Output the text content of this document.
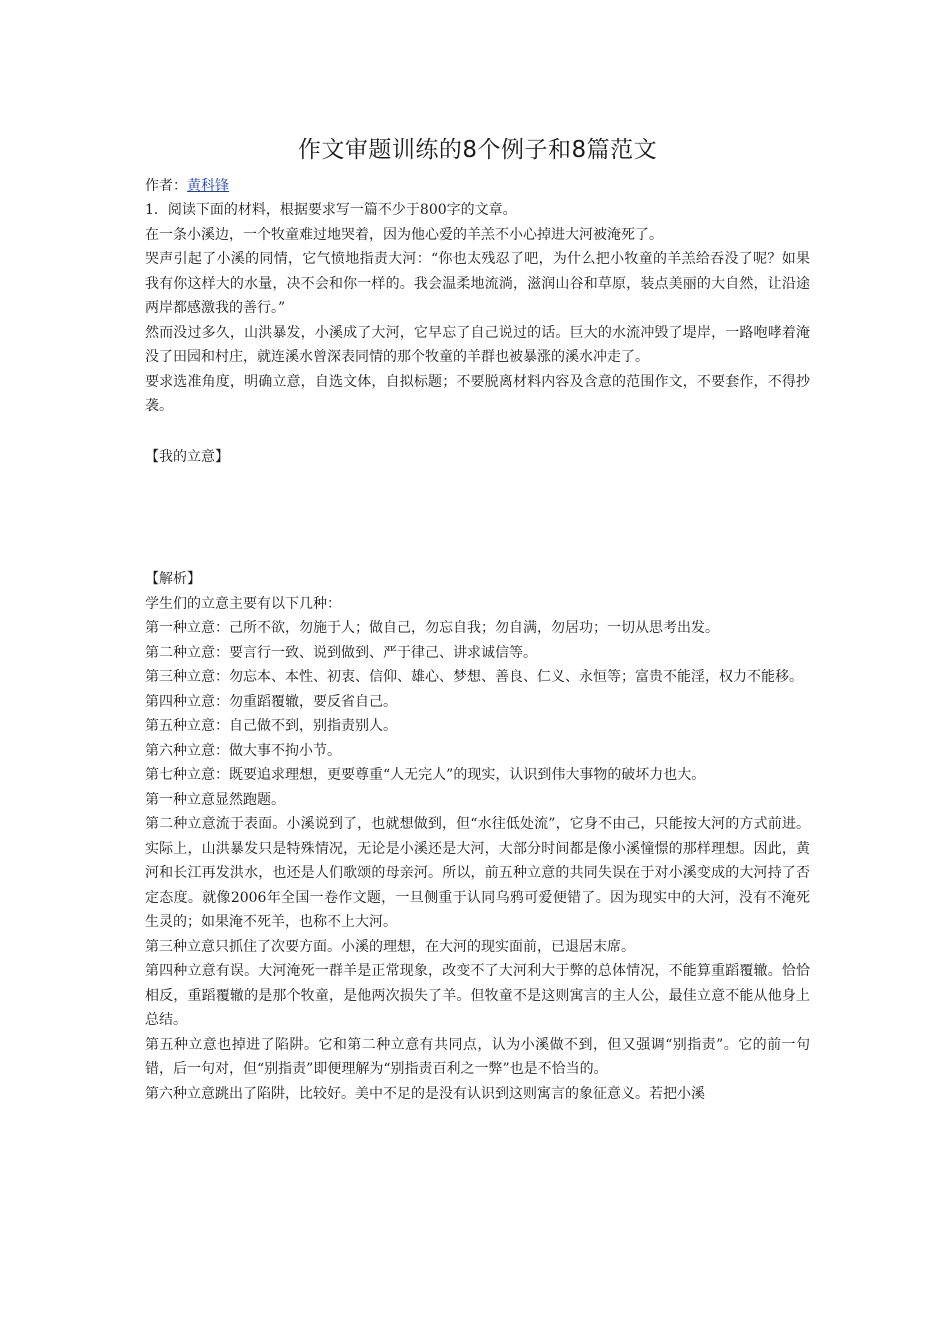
作文审题训练的8个例子和8篇范文
作者：黄科锋

1．阅读下面的材料，根据要求写一篇不少于800字的文章。

在一条小溪边，一个牧童难过地哭着，因为他心爱的羊羔不小心掉进大河被淹死了。

哭声引起了小溪的同情，它气愤地指责大河：“你也太残忍了吧，为什么把小牧童的羊羔给吞没了呢？如果我有你这样大的水量，决不会和你一样的。我会温柔地流淌，滋润山谷和草原，装点美丽的大自然，让沿途两岸都感激我的善行。”

然而没过多久，山洪暴发，小溪成了大河，它早忘了自己说过的话。巨大的水流冲毁了堤岸，一路咆哮着淹没了田园和村庄，就连溪水曾深表同情的那个牧童的羊群也被暴涨的溪水冲走了。

要求选准角度，明确立意，自选文体，自拟标题；不要脱离材料内容及含意的范围作文，不要套作，不得抄袭。

【我的立意】

【解析】

学生们的立意主要有以下几种：

第一种立意：己所不欲，勿施于人；做自己，勿忘自我；勿自满，勿居功；一切从思考出发。

第二种立意：要言行一致、说到做到、严于律己、讲求诚信等。

第三种立意：勿忘本、本性、初衷、信仰、雄心、梦想、善良、仁义、永恒等；富贵不能淫，权力不能移。

第四种立意：勿重蹈覆辙，要反省自己。

第五种立意：自己做不到，别指责别人。

第六种立意：做大事不拘小节。

第七种立意：既要追求理想，更要尊重“人无完人”的现实，认识到伟大事物的破坏力也大。

第一种立意显然跑题。

第二种立意流于表面。小溪说到了，也就想做到，但“水往低处流”，它身不由己，只能按大河的方式前进。实际上，山洪暴发只是特殊情况，无论是小溪还是大河，大部分时间都是像小溪憧憬的那样理想。因此，黄河和长江再发洪水，也还是人们歌颂的母亲河。所以，前五种立意的共同失误在于对小溪变成的大河持了否定态度。就像2006年全国一卷作文题，一旦侧重于认同乌鸦可爱便错了。因为现实中的大河，没有不淹死生灵的；如果淹不死羊，也称不上大河。

第三种立意只抓住了次要方面。小溪的理想，在大河的现实面前，已退居末席。

第四种立意有误。大河淹死一群羊是正常现象，改变不了大河利大于弊的总体情况，不能算重蹈覆辙。恰恰相反，重蹈覆辙的是那个牧童，是他两次损失了羊。但牧童不是这则寓言的主人公，最佳立意不能从他身上总结。

第五种立意也掉进了陷阱。它和第二种立意有共同点，认为小溪做不到，但又强调“别指责”。它的前一句错，后一句对，但“别指责”即便理解为“别指责百利之一弊”也是不恰当的。

第六种立意跳出了陷阱，比较好。美中不足的是没有认识到这则寓言的象征意义。若把小溪
